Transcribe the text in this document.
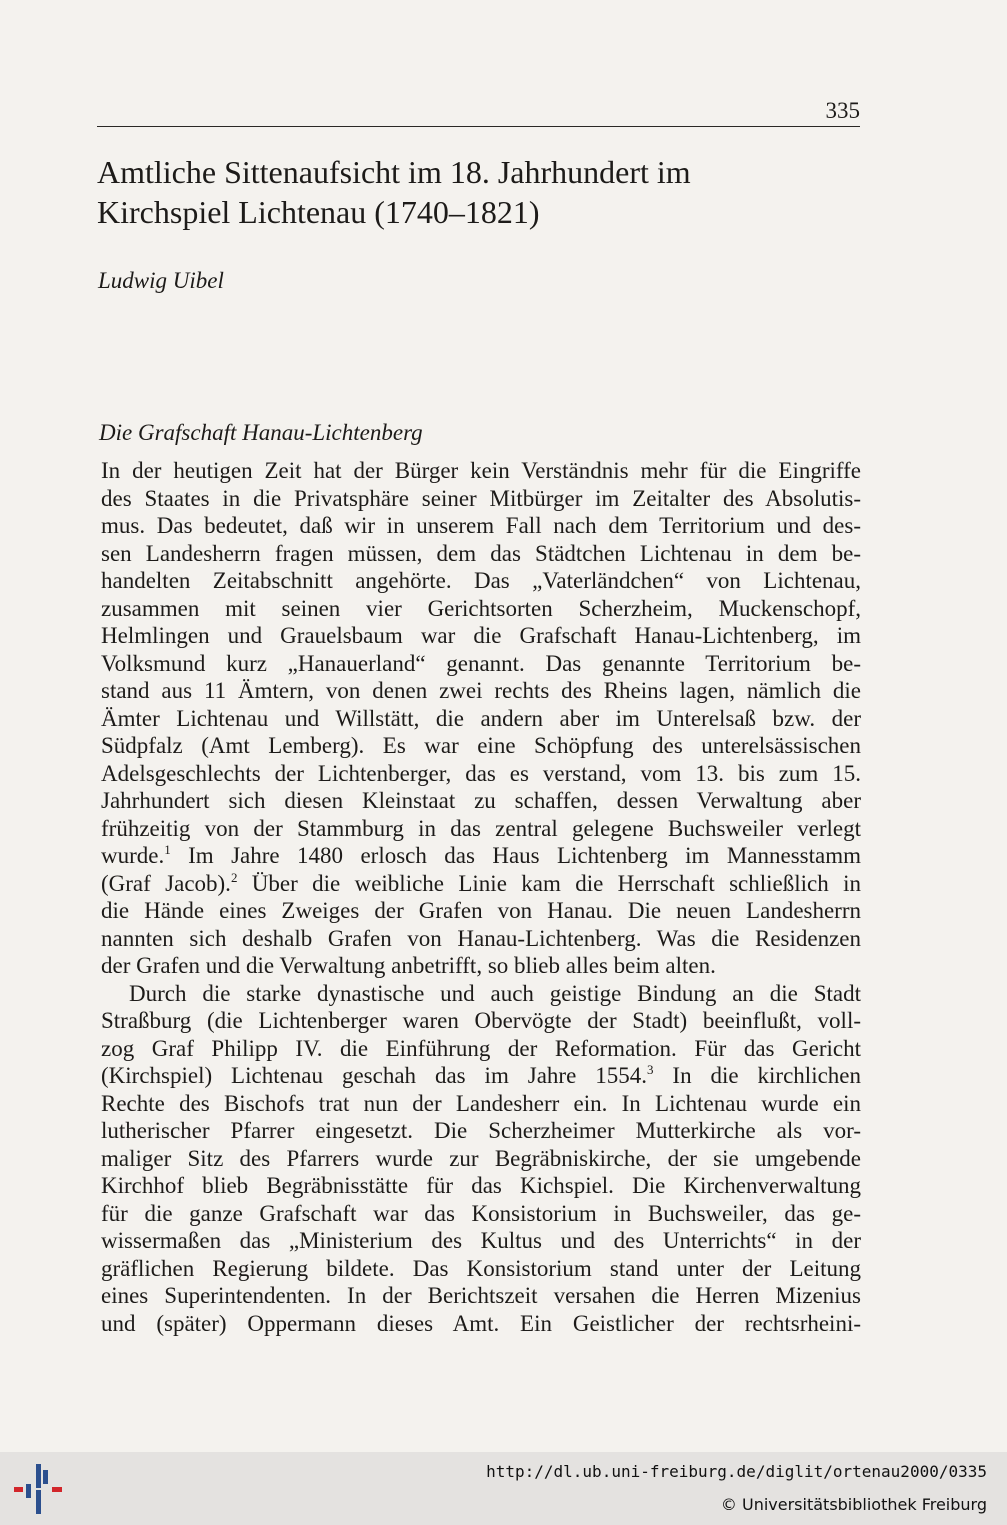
335
Amtliche Sittenaufsicht im 18. Jahrhundert im
Kirchspiel Lichtenau (1740–1821)
Ludwig Uibel
Die Grafschaft Hanau-Lichtenberg
In der heutigen Zeit hat der Bürger kein Verständnis mehr für die Eingriffe
des Staates in die Privatsphäre seiner Mitbürger im Zeitalter des Absolutis-
mus. Das bedeutet, daß wir in unserem Fall nach dem Territorium und des-
sen Landesherrn fragen müssen, dem das Städtchen Lichtenau in dem be-
handelten Zeitabschnitt angehörte. Das „Vaterländchen“ von Lichtenau,
zusammen mit seinen vier Gerichtsorten Scherzheim, Muckenschopf,
Helmlingen und Grauelsbaum war die Grafschaft Hanau-Lichtenberg, im
Volksmund kurz „Hanauerland“ genannt. Das genannte Territorium be-
stand aus 11 Ämtern, von denen zwei rechts des Rheins lagen, nämlich die
Ämter Lichtenau und Willstätt, die andern aber im Unterelsaß bzw. der
Südpfalz (Amt Lemberg). Es war eine Schöpfung des unterelsässischen
Adelsgeschlechts der Lichtenberger, das es verstand, vom 13. bis zum 15.
Jahrhundert sich diesen Kleinstaat zu schaffen, dessen Verwaltung aber
frühzeitig von der Stammburg in das zentral gelegene Buchsweiler verlegt
wurde.$^1$ Im Jahre 1480 erlosch das Haus Lichtenberg im Mannesstamm
(Graf Jacob).$^2$ Über die weibliche Linie kam die Herrschaft schließlich in
die Hände eines Zweiges der Grafen von Hanau. Die neuen Landesherrn
nannten sich deshalb Grafen von Hanau-Lichtenberg. Was die Residenzen
der Grafen und die Verwaltung anbetrifft, so blieb alles beim alten.
Durch die starke dynastische und auch geistige Bindung an die Stadt
Straßburg (die Lichtenberger waren Obervögte der Stadt) beeinflußt, voll-
zog Graf Philipp IV. die Einführung der Reformation. Für das Gericht
(Kirchspiel) Lichtenau geschah das im Jahre 1554.$^3$ In die kirchlichen
Rechte des Bischofs trat nun der Landesherr ein. In Lichtenau wurde ein
lutherischer Pfarrer eingesetzt. Die Scherzheimer Mutterkirche als vor-
maliger Sitz des Pfarrers wurde zur Begräbniskirche, der sie umgebende
Kirchhof blieb Begräbnisstätte für das Kichspiel. Die Kirchenverwaltung
für die ganze Grafschaft war das Konsistorium in Buchsweiler, das ge-
wissermaßen das „Ministerium des Kultus und des Unterrichts“ in der
gräflichen Regierung bildete. Das Konsistorium stand unter der Leitung
eines Superintendenten. In der Berichtszeit versahen die Herren Mizenius
und (später) Oppermann dieses Amt. Ein Geistlicher der rechtsrheini-
http://dl.ub.uni-freiburg.de/diglit/ortenau2000/0335
© Universitätsbibliothek Freiburg
